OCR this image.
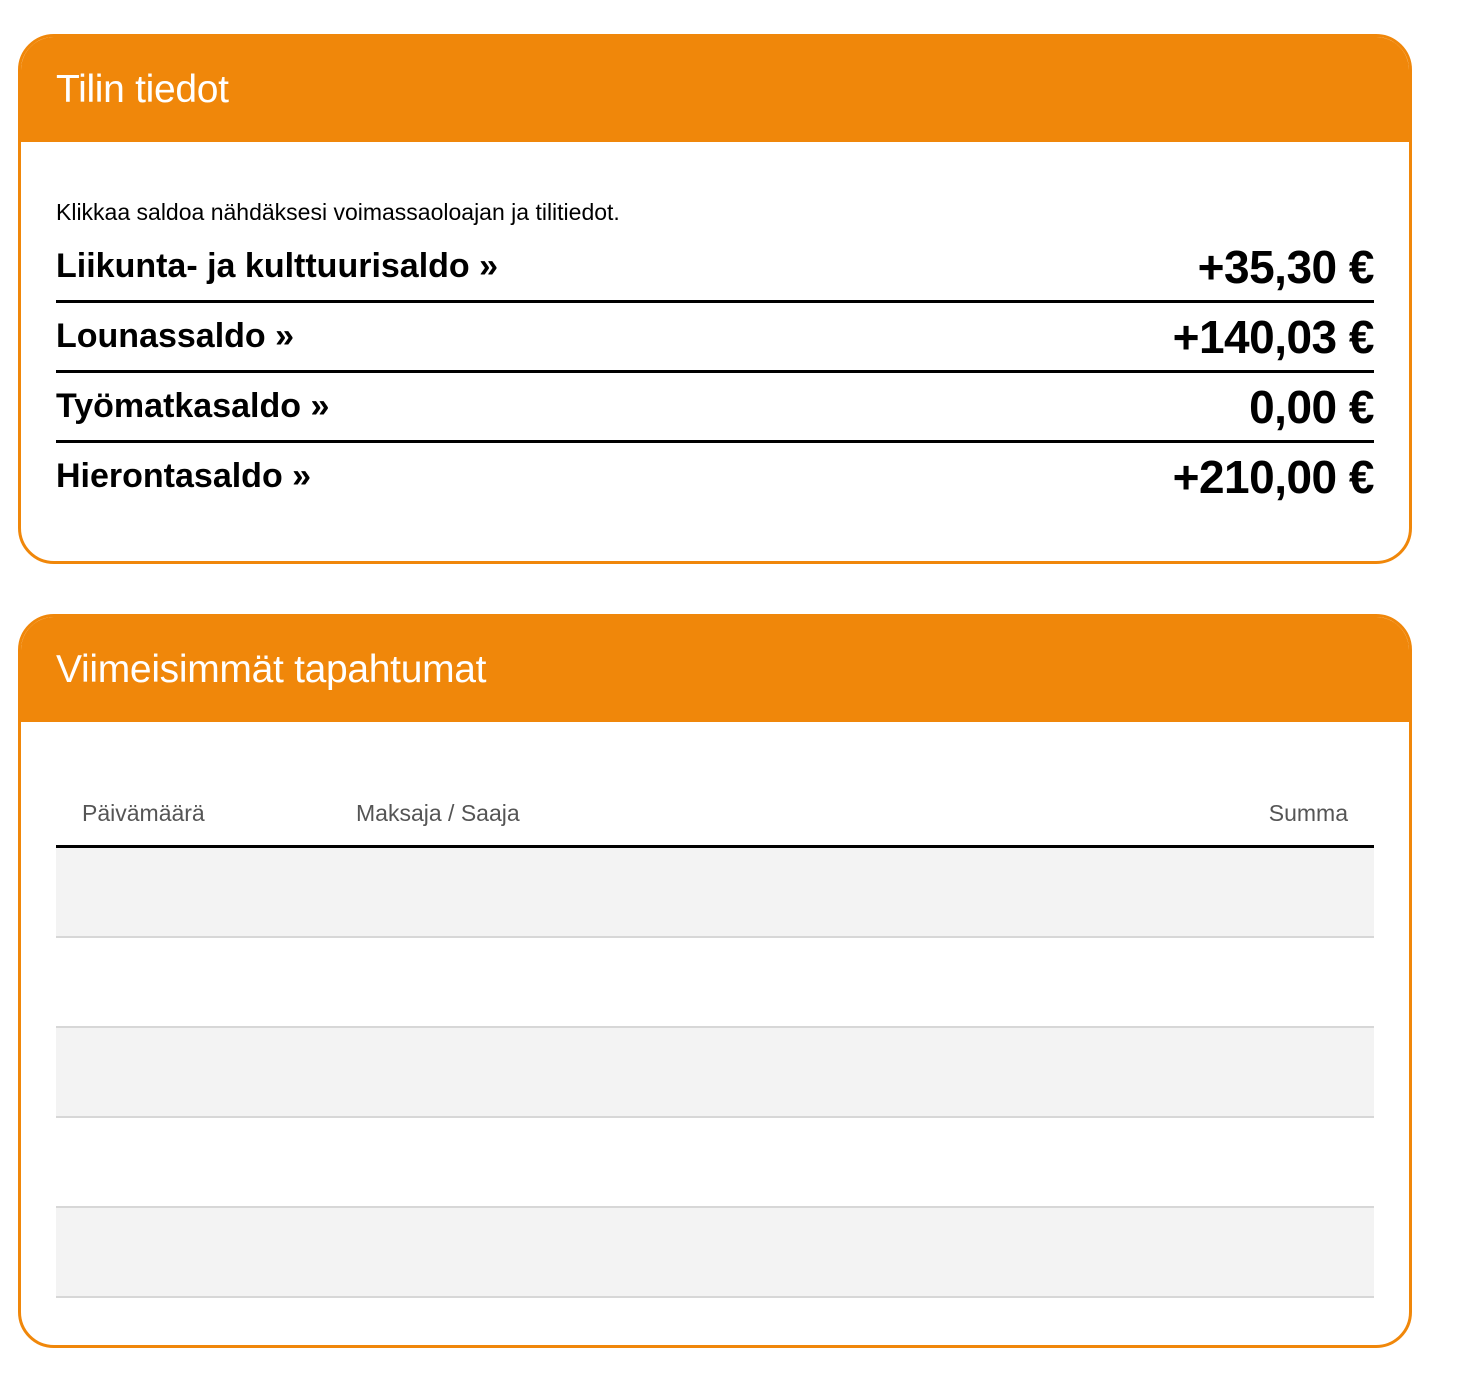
Tilin tiedot

Klikkaa saldoa nähdäksesi voimassaoloajan ja tilitiedot.

Liikunta- ja kulttuurisaldo »	+35,30 €
Lounassaldo »	+140,03 €
Työmatkasaldo »	0,00 €
Hierontasaldo »	+210,00 €
Viimeisimmät tapahtumat
Päivämäärä	Maksaja / Saaja	Summa
